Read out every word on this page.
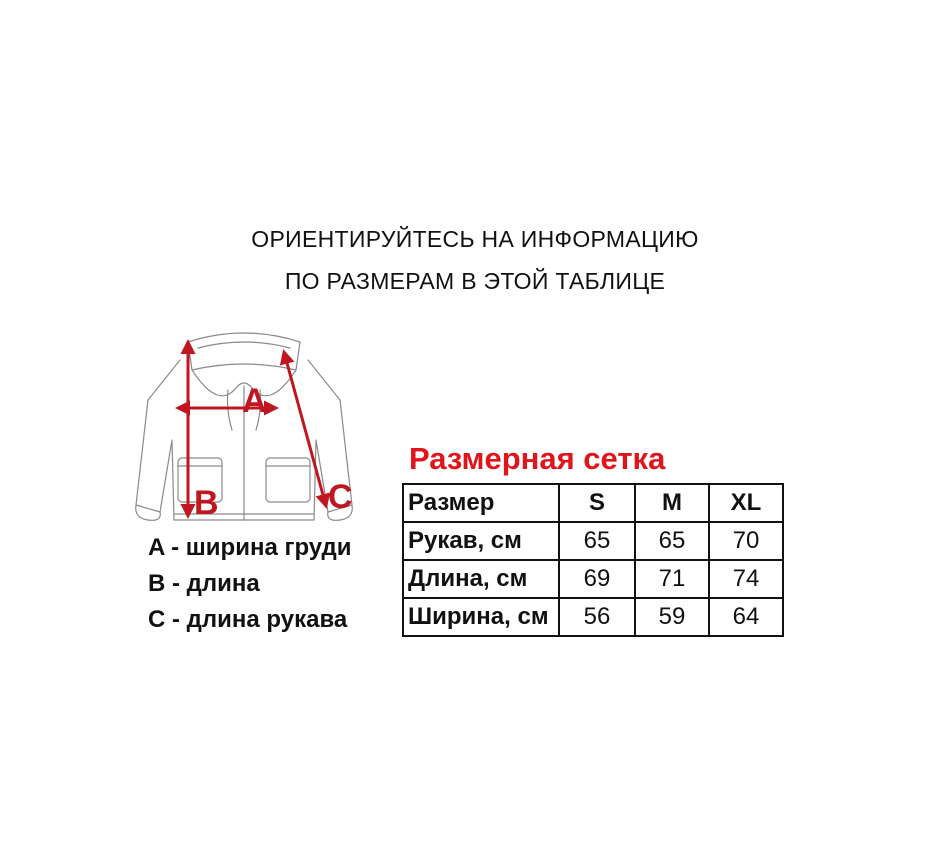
ОРИЕНТИРУЙТЕСЬ НА ИНФОРМАЦИЮ
ПО РАЗМЕРАМ В ЭТОЙ ТАБЛИЦЕ
A
B	C
A - ширина груди
B - длина
C - длина рукава
Размерная сетка
Размер	S	M	XL
Рукав, см	65	65	70
Длина, см	69	71	74
Ширина, см	56	59	64
